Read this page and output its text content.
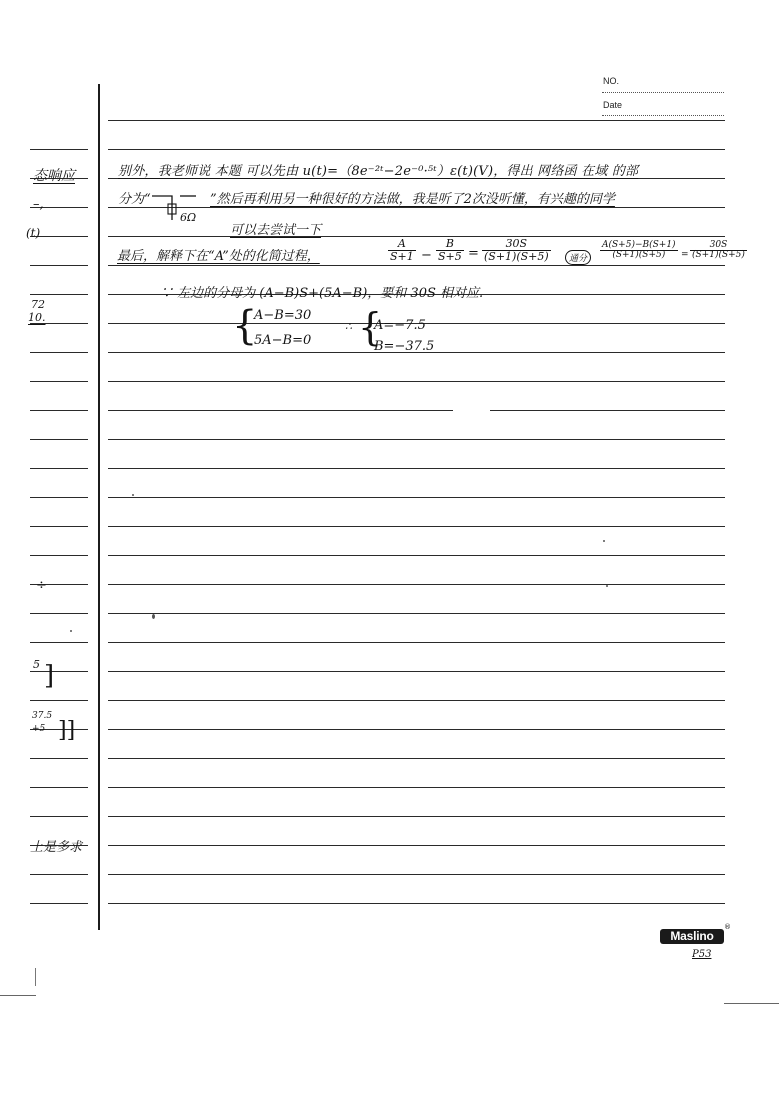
NO.
Date
态响应
–,
(t)
72
10.
÷
5 ]
37.5
+5 ]]
上是多求
别外，我老师说 本题 可以先由 u(t)=（8e⁻²ᵗ−2e⁻⁰·⁵ᵗ）ε(t)(V)，得出 网络函 在域 的部
分为“
6Ω
”然后再利用另一种很好的方法做，我是听了2次没听懂，有兴趣的同学
可以去尝试一下
最后，解释下在“A”处的化简过程，	$\frac{A}{S+1} - \frac{B}{S+5} = \frac{30S}{(S+1)(S+5)}$	通分	$\frac{A(S+5)-B(S+1)}{(S+1)(S+5)} = \frac{30S}{(S+1)(S+5)}$
∵ 左边的分母为 (A−B)S+(5A−B)，要和 30S 相对应.
{
A−B=30
5A−B=0
∴ {
A=−7.5
B=−37.5
Maslino
®
P53
